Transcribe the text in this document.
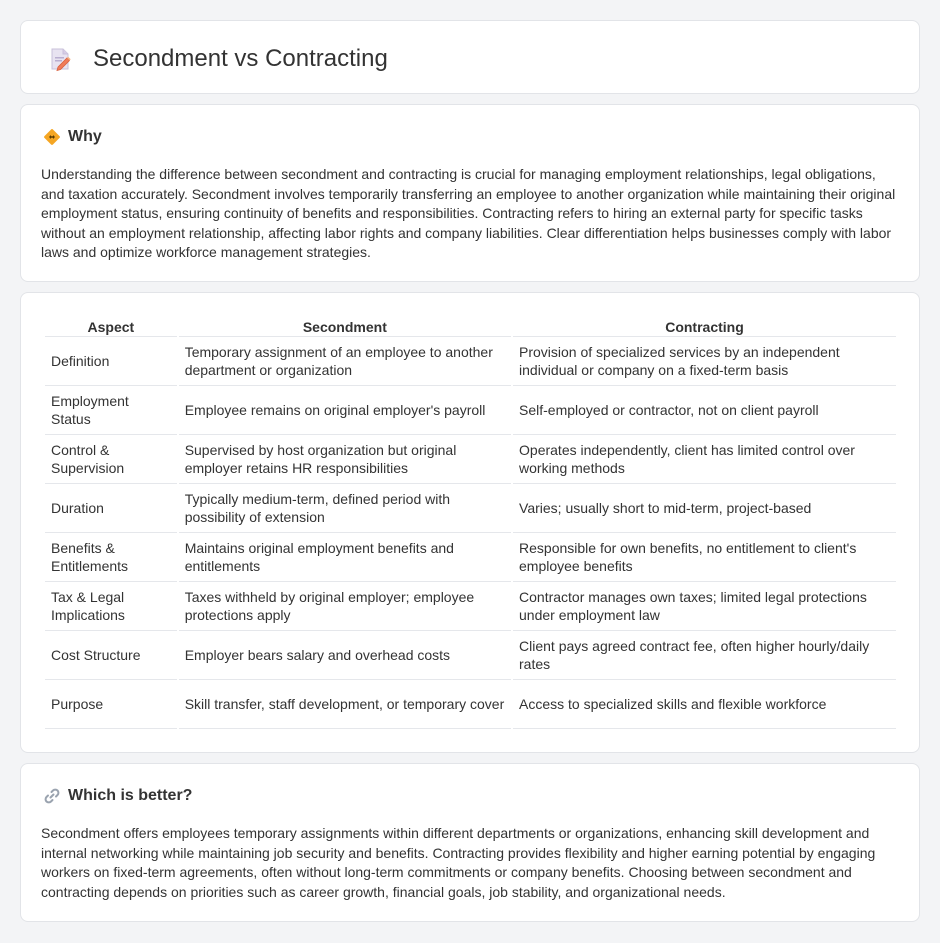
Secondment vs Contracting
Why

Understanding the difference between secondment and contracting is crucial for managing employment relationships, legal obligations, and taxation accurately. Secondment involves temporarily transferring an employee to another organization while maintaining their original employment status, ensuring continuity of benefits and responsibilities. Contracting refers to hiring an external party for specific tasks without an employment relationship, affecting labor rights and company liabilities. Clear differentiation helps businesses comply with labor laws and optimize workforce management strategies.

Aspect	Secondment	Contracting
Definition	Temporary assignment of an employee to another department or organization	Provision of specialized services by an independent individual or company on a fixed-term basis
Employment Status	Employee remains on original employer's payroll	Self-employed or contractor, not on client payroll
Control & Supervision	Supervised by host organization but original employer retains HR responsibilities	Operates independently, client has limited control over working methods
Duration	Typically medium-term, defined period with possibility of extension	Varies; usually short to mid-term, project-based
Benefits & Entitlements	Maintains original employment benefits and entitlements	Responsible for own benefits, no entitlement to client's employee benefits
Tax & Legal Implications	Taxes withheld by original employer; employee protections apply	Contractor manages own taxes; limited legal protections under employment law
Cost Structure	Employer bears salary and overhead costs	Client pays agreed contract fee, often higher hourly/daily rates
Purpose	Skill transfer, staff development, or temporary cover	Access to specialized skills and flexible workforce
Which is better?

Secondment offers employees temporary assignments within different departments or organizations, enhancing skill development and internal networking while maintaining job security and benefits. Contracting provides flexibility and higher earning potential by engaging workers on fixed-term agreements, often without long-term commitments or company benefits. Choosing between secondment and contracting depends on priorities such as career growth, financial goals, job stability, and organizational needs.
